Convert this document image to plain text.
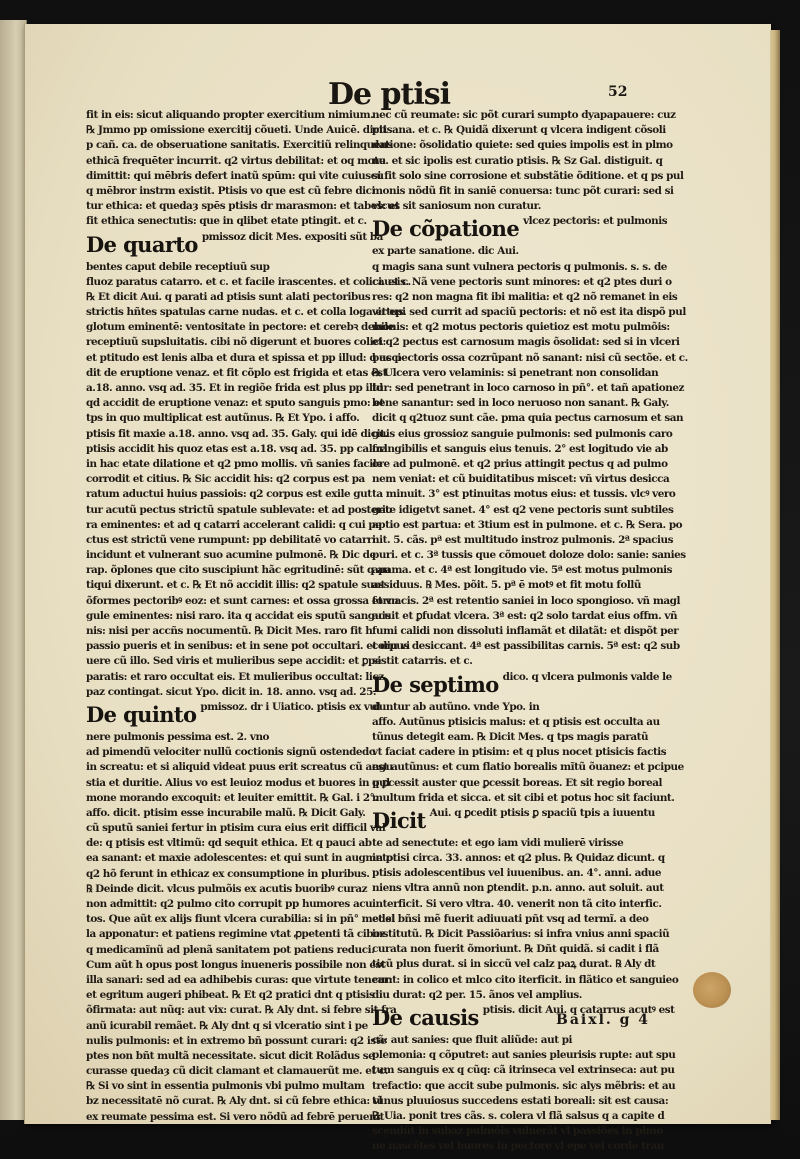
De ptisi	52
fit in eis: sicut aliquando propter exercitium nimium.
℞ Jmmo pp omissione exercitij cõueti. Unde Auicē. dicit
p cañ. ca. de obseruatione sanitatis. Exercitiũ relinquens
ethicā frequēter incurrit. q2 virtus debilitat: et oq motu
dimittit: qui mēbris defert inatũ spūm: qui vite cuiuscu
q mēbror instrm existit. Ptisis vo que est cũ febre dici
tur ethica: et quedaȝ spēs ptisis dr marasmon: et tabes: et
fit ethica senectutis: que in qlibet etate ptingit. et c.
De quarto pmissoz dicit Mes. expositi sũt ba
bentes caput debile receptiuũ sup
fluoz paratus catarro. et c. et facile irascentes. et colici. et c.
℞ Et dicit Aui. q parati ad ptisis sunt alati pectoribus
strictis hñtes spatulas carne nudas. et c. et colla loga et epi
glotum eminentē: ventositate in pectore: et cerebꝛ debile
receptiuũ supsluitatis. cibi nõ digerunt et buores colici:
et ptitudo est lenis alba et dura et spissa et pp illud: q acci
dit de eruptione venaz. et fit cõplo est frigida et etas est
a.18. anno. vsq ad. 35. Et in regiõe frida est plus pp illd
qd accidit de eruptione venaz: et sputo sanguis pmo: et
tps in quo multiplicat est autũnus. ℞ Et Ypo. i affo.
ptisis fit maxie a.18. anno. vsq ad. 35. Galy. qui idē dicit.
ptisis accidit his quoz etas est a.18. vsq ad. 35. pp calorl
in hac etate dilatione et q2 pmo mollis. vñ sanies facile
corrodit et citius. ℞ Sic accidit his: q2 corpus est pa
ratum aductui huius passiois: q2 corpus est exile gut
tur acutũ pectus strictũ spatule sublevate: et ad posterio
ra eminentes: et ad q catarri accelerant calidi: q cui pe
ctus est strictũ vene rumpunt: pp debilitatē vo catarri
incidunt et vulnerant suo acumine pulmonē. ℞ Dic de
rap. õplones que cito suscipiunt hãc egritudinē: sũt q an
tiqui dixerunt. et c. ℞ Et nõ accidit illis: q2 spatule sunt
õformes pectoribꝰ eoz: et sunt carnes: et ossa grossa et vn
gule eminentes: nisi raro. ita q accidat eis sputũ sanguis
nis: nisi per accñs nocumentũ. ℞ Dicit Mes. raro fit h
passio pueris et in senibus: et in sene pot occultari. et diu vi
uere cũ illo. Sed viris et mulieribus sepe accidit: et ꝑpe
paratis: et raro occultat eis. Et mulieribus occultat: licz
paz contingat. sicut Ypo. dicit in. 18. anno. vsq ad. 25.
De quinto pmissoz. dr i Uiatico. ptisis ex vul
nere pulmonis pessima est. 2. vno
ad pimendũ velociter nullũ coctionis signũ ostendedo
in screatu: et si aliquid videat puus erit screatus cũ angu
stia et duritie. Alius vo est leuioz modus et buores in pul
mone morando excoquit: et leuiter emittit. ℞ Gal. i 2°.
affo. dicit. ptisim esse incurabile malũ. ℞ Dicit Galy.
cũ sputũ saniei fertur in ptisim cura eius erit difficil val
de: q ptisis est vltimũ: qd sequit ethica. Et q pauci ab
ea sanant: et maxie adolescentes: et qui sunt in augmeto:
q2 hõ ferunt in ethicaz ex consumptione in pluribus.
℞ Deinde dicit. vlcus pulmõis ex acutis buoribꝰ curaz
non admittit: q2 pulmo cito corrupit pp humores acu
tos. Que aũt ex alijs fiunt vlcera curabilia: si in pñ° medel
la apponatur: et patiens regimine vtat ꝓpetenti tã ciboz
q medicamĩnũ ad plenã sanitatem pot patiens reduci.
Cum aũt h opus post longus inueneris possibile non est
illa sanari: sed ad ea adhibebis curas: que virtute tenear:
et egritum augeri phibeat. ℞ Et q2 pratici dnt q ptisis
õfirmata: aut nũq: aut vix: curat. ℞ Aly dnt. si febre sit fra
anũ icurabil remãet. ℞ Aly dnt q si vlceratio sint i pe
nulis pulmonis: et in extremo bñ possunt curari: q2 iste
ptes non bñt multã necessitate. sicut dicit Rolãdus se
curasse quedaȝ cũ dicit clamant et clamauerũt me. et c.
℞ Si vo sint in essentia pulmonis vbi pulmo multam
bz necessitatē nõ curat. ℞ Aly dnt. si cũ febre ethica: vl
ex reumate pessima est. Si vero nõdũ ad febrē peruenit
nec cũ reumate: sic põt curari sumpto dyapapauere: cuz
ptisana. et c. ℞ Quidã dixerunt q vlcera indigent cõsoli
datione: õsolidatio quiete: sed quies impolis est in plmo
ne. et sic ipolis est curatio ptisis. ℞ Sz Gal. distiguit. q
si fit solo sine corrosione et substãtie õditione. et q ps pul
monis nõdũ fit in saniē conuersa: tunc põt curari: sed si
vlcus sit saniosum non curatur.
De cõpatione vlcez pectoris: et pulmonis
ex parte sanatione. dic Aui.
q magis sana sunt vulnera pectoris q pulmonis. s. s. de
causis. Nã vene pectoris sunt minores: et q2 ptes duri o
res: q2 non magna fit ibi malitia: et q2 nõ remanet in eis
virtus. sed currit ad spaciũ pectoris: et nõ est ita dispõ pul
monis: et q2 motus pectoris quietioz est motu pulmõis:
et q2 pectus est carnosum magis õsolidat: sed si in vlceri
bus pectoris ossa cozrũpant nõ sanant: nisi cũ sectõe. et c.
℞ Ulcera vero velaminis: si penetrant non consolidan
tur: sed penetrant in loco carnoso in pñ°. et tañ apationez
bene sanantur: sed in loco neruoso non sanant. ℞ Galy.
dicit q q2tuoz sunt cãe. pma quia pectus carnosum et san
guis eius grossioz sanguie pulmonis: sed pulmonis caro
frangibilis et sanguis eius tenuis. 2° est logitudo vie ab
ore ad pulmonē. et q2 prius attingit pectus q ad pulmo
nem veniat: et cũ buiditatibus miscet: vñ virtus desicca
ta minuit. 3° est ptinuitas motus eius: et tussis. vlcꝰ vero
gete idigetvt sanet. 4° est q2 vene pectoris sunt subtiles
aptio est partua: et 3tium est in pulmone. et c. ℞ Sera. po
nit. 5. cãs. pª est multitudo instroz pulmonis. 2ª spacius
puri. et c. 3ª tussis que cõmouet doloze dolo: sanie: sanies
apama. et c. 4ª est longitudo vie. 5ª est motus pulmonis
assiduus. ℞ Mes. põit. 5. pª ē motꝰ et fit motu follũ
fornacis. 2ª est retentio saniei in loco spongioso. vñ magl
acuit et ꝑfudat vlcera. 3ª est: q2 solo tardat eius offm. vñ
fumi calidi non dissoluti inflamãt et dilatãt: et dispõt per
corpus desiccant. 4ª est passibilitas carnis. 5ª est: q2 sub
sistit catarris. et c.
De septimo dico. q vlcera pulmonis valde le
duntur ab autũno. vnde Ypo. in
affo. Autũnus ptisicis malus: et q ptisis est occulta au
tũnus detegit eam. ℞ Dicit Mes. q tps magis paratũ
vt faciat cadere in ptisim: et q plus nocet ptisicis factis
est autũnus: et cum flatio borealis mĩtũ õuanez: et pcipue
q ꝑcessit auster que ꝑcessit boreas. Et sit regio boreal
multum frida et sicca. et sit cibi et potus hoc sit faciunt.
Dicit Aui. q ꝑcedit ptisis ꝑ spaciũ tpis a iuuentu
te ad senectute: et ego iam vidi mulierē virisse
in ptisi circa. 33. annos: et q2 plus. ℞ Quidaz dicunt. q
ptisis adolescentibus vel iuuenibus. an. 4°. anni. adue
niens vltra annũ non ꝑtendit. p.n. anno. aut soluit. aut
interficit. Si vero vltra. 40. venerit non tã cito interfic.
et si bñsi mẽ fuerit adiuuati pñt vsq ad termĩ. a deo
institutũ. ℞ Dicit Passiõarius: si infra vnius anni spaciũ
curata non fuerit õmoriunt. ℞ Dñt quidã. si cadit i flã
ticũ plus durat. si in siccũ vel calz paꝝ durat. ℞ Aly dt
cunt: in colico et mlco cito iterficit. in flãtico et sanguieo
diu durat: q2 per. 15. ãnos vel amplius.
De causis ptisis. dicit Aui. q catarrus acutꝰ est
cã: aut sanies: que fluit aliũde: aut pi
plemonia: q cõputret: aut sanies pleurisis rupte: aut spu
tum sanguis ex q cũq: cã itrinseca vel extrinseca: aut pu
trefactio: que accit sube pulmonis. sic alys mẽbris: et au
tũnus pluuiosus succedens estati boreali: sit est causa:
℞ Uia. ponit tres cãs. s. colera vl flã salsus q a capite d
scendũt in subaz pulmõis vulnerãt vl passiões in plmo
ne nascẽtes vel buores in pectore vl epe vel corde tran
Baixl. g 4
